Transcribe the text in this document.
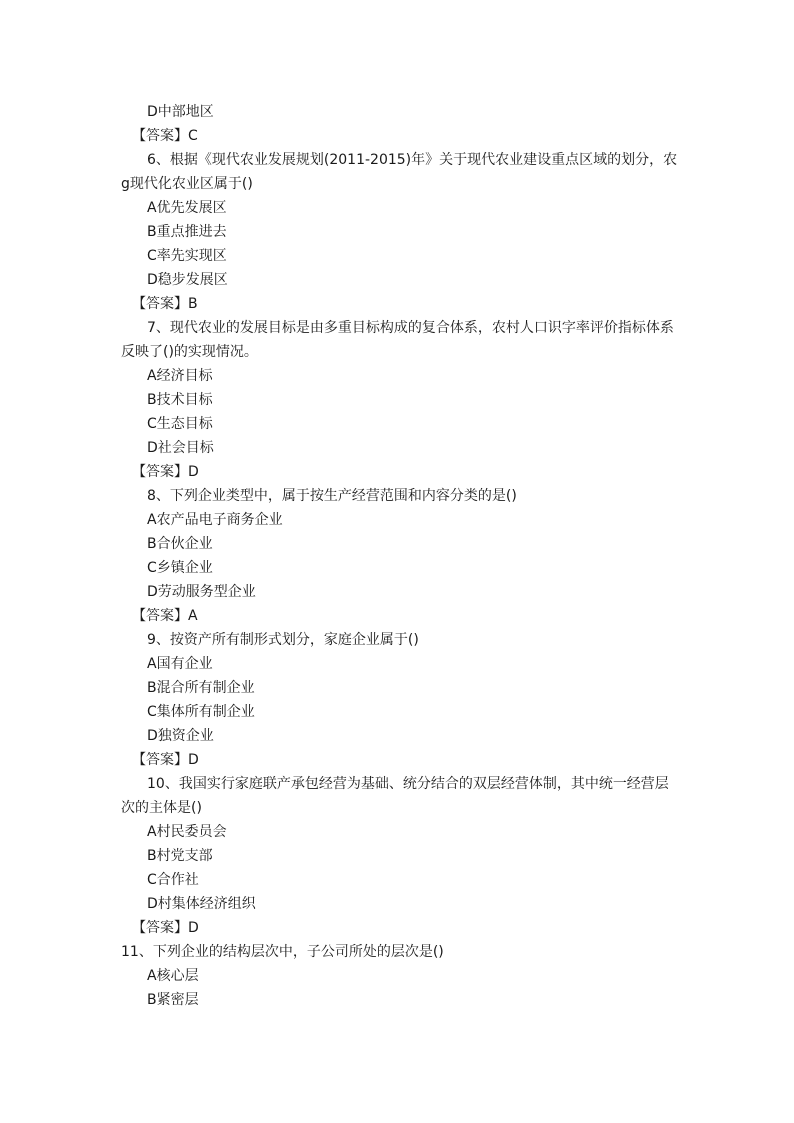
D中部地区
【答案】C
6、根据《现代农业发展规划(2011-2015)年》关于现代农业建设重点区域的划分，农
g现代化农业区属于()
A优先发展区
B重点推进去
C率先实现区
D稳步发展区
【答案】B
7、现代农业的发展目标是由多重目标构成的复合体系，农村人口识字率评价指标体系
反映了()的实现情况。
A经济目标
B技术目标
C生态目标
D社会目标
【答案】D
8、下列企业类型中，属于按生产经营范围和内容分类的是()
A农产品电子商务企业
B合伙企业
C乡镇企业
D劳动服务型企业
【答案】A
9、按资产所有制形式划分，家庭企业属于()
A国有企业
B混合所有制企业
C集体所有制企业
D独资企业
【答案】D
10、我国实行家庭联产承包经营为基础、统分结合的双层经营体制，其中统一经营层
次的主体是()
A村民委员会
B村党支部
C合作社
D村集体经济组织
【答案】D
11、下列企业的结构层次中，子公司所处的层次是()
A核心层
B紧密层
